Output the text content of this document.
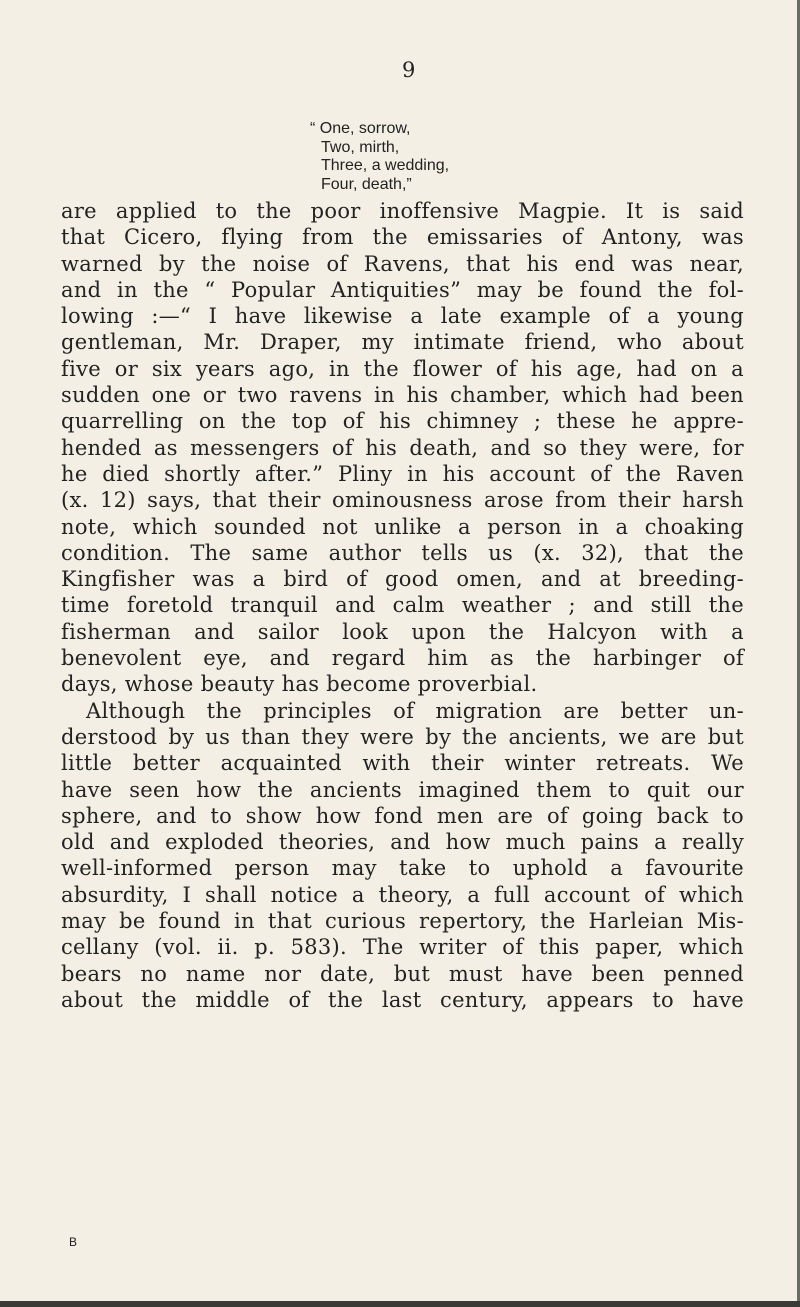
9
“ One, sorrow,
Two, mirth,
Three, a wedding,
Four, death,”
are applied to the poor inoffensive Magpie. It is said
that Cicero, flying from the emissaries of Antony, was
warned by the noise of Ravens, that his end was near,
and in the “ Popular Antiquities” may be found the fol-
lowing :—“ I have likewise a late example of a young
gentleman, Mr. Draper, my intimate friend, who about
five or six years ago, in the flower of his age, had on a
sudden one or two ravens in his chamber, which had been
quarrelling on the top of his chimney ; these he appre-
hended as messengers of his death, and so they were, for
he died shortly after.” Pliny in his account of the Raven
(x. 12) says, that their ominousness arose from their harsh
note, which sounded not unlike a person in a choaking
condition. The same author tells us (x. 32), that the
Kingfisher was a bird of good omen, and at breeding-
time foretold tranquil and calm weather ; and still the
fisherman and sailor look upon the Halcyon with a
benevolent eye, and regard him as the harbinger of
days, whose beauty has become proverbial.
Although the principles of migration are better un-
derstood by us than they were by the ancients, we are but
little better acquainted with their winter retreats. We
have seen how the ancients imagined them to quit our
sphere, and to show how fond men are of going back to
old and exploded theories, and how much pains a really
well-informed person may take to uphold a favourite
absurdity, I shall notice a theory, a full account of which
may be found in that curious repertory, the Harleian Mis-
cellany (vol. ii. p. 583). The writer of this paper, which
bears no name nor date, but must have been penned
about the middle of the last century, appears to have
B
